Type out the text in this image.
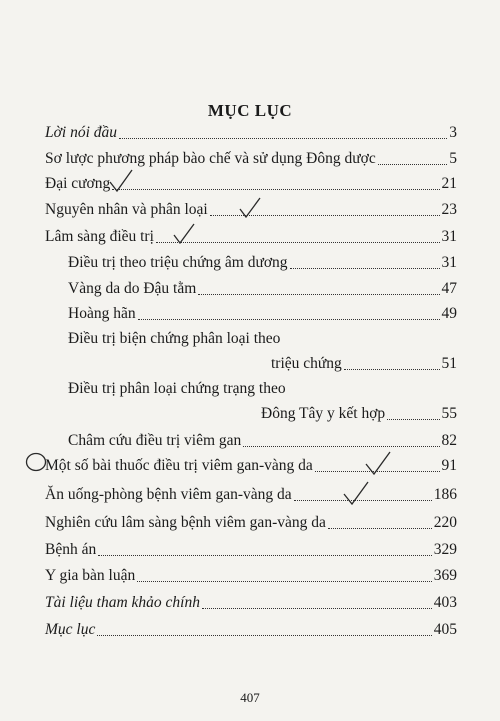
MỤC LỤC
Lời nói đầu	3
Sơ lược phương pháp bào chế và sử dụng Đông dược	5
Đại cương	21
Nguyên nhân và phân loại	23
Lâm sàng điều trị	31
Điều trị theo triệu chứng âm dương	31
Vàng da do Đậu tằm	47
Hoàng hãn	49
Điều trị biện chứng phân loại theo
triệu chứng	51
Điều trị phân loại chứng trạng theo
Đông Tây y kết hợp	55
Châm cứu điều trị viêm gan	82
Một số bài thuốc điều trị viêm gan-vàng da	91
Ăn uống-phòng bệnh viêm gan-vàng da	186
Nghiên cứu lâm sàng bệnh viêm gan-vàng da	220
Bệnh án	329
Y gia bàn luận	369
Tài liệu tham khảo chính	403
Mục lục	405
407
